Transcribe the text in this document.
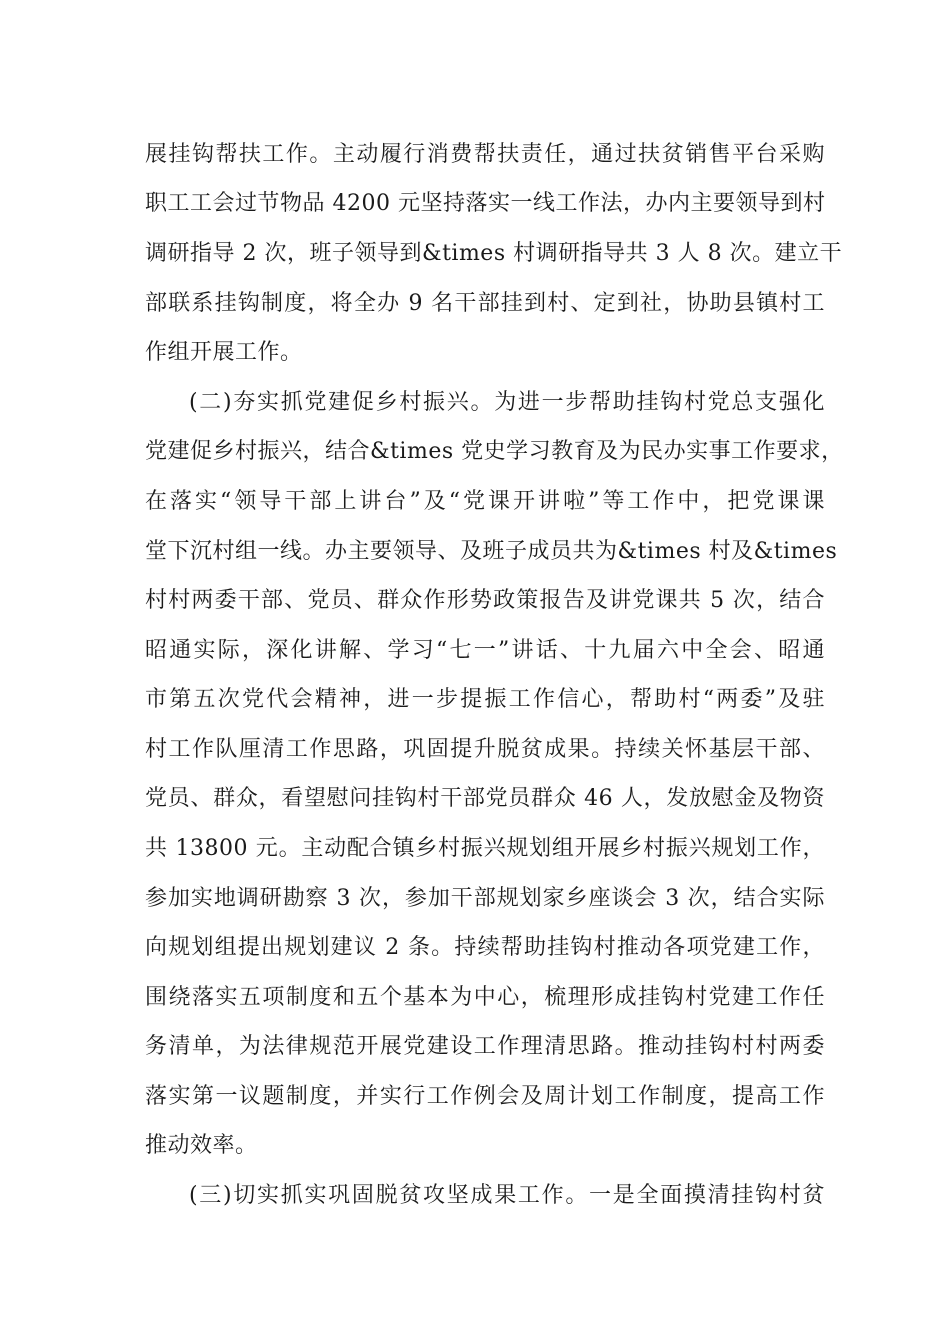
展挂钩帮扶工作。主动履行消费帮扶责任，通过扶贫销售平台采购
职工工会过节物品 4200 元坚持落实一线工作法，办内主要领导到村
调研指导 2 次，班子领导到&times 村调研指导共 3 人 8 次。建立干
部联系挂钩制度，将全办 9 名干部挂到村、定到社，协助县镇村工
作组开展工作。
(二)夯实抓党建促乡村振兴。为进一步帮助挂钩村党总支强化
党建促乡村振兴，结合&times 党史学习教育及为民办实事工作要求，
在落实“领导干部上讲台”及“党课开讲啦”等工作中，把党课课
堂下沉村组一线。办主要领导、及班子成员共为&times 村及&times
村村两委干部、党员、群众作形势政策报告及讲党课共 5 次，结合
昭通实际，深化讲解、学习“七一”讲话、十九届六中全会、昭通
市第五次党代会精神，进一步提振工作信心，帮助村“两委”及驻
村工作队厘清工作思路，巩固提升脱贫成果。持续关怀基层干部、
党员、群众，看望慰问挂钩村干部党员群众 46 人，发放慰金及物资
共 13800 元。主动配合镇乡村振兴规划组开展乡村振兴规划工作，
参加实地调研勘察 3 次，参加干部规划家乡座谈会 3 次，结合实际
向规划组提出规划建议 2 条。持续帮助挂钩村推动各项党建工作，
围绕落实五项制度和五个基本为中心，梳理形成挂钩村党建工作任
务清单，为法律规范开展党建设工作理清思路。推动挂钩村村两委
落实第一议题制度，并实行工作例会及周计划工作制度，提高工作
推动效率。
(三)切实抓实巩固脱贫攻坚成果工作。一是全面摸清挂钩村贫
